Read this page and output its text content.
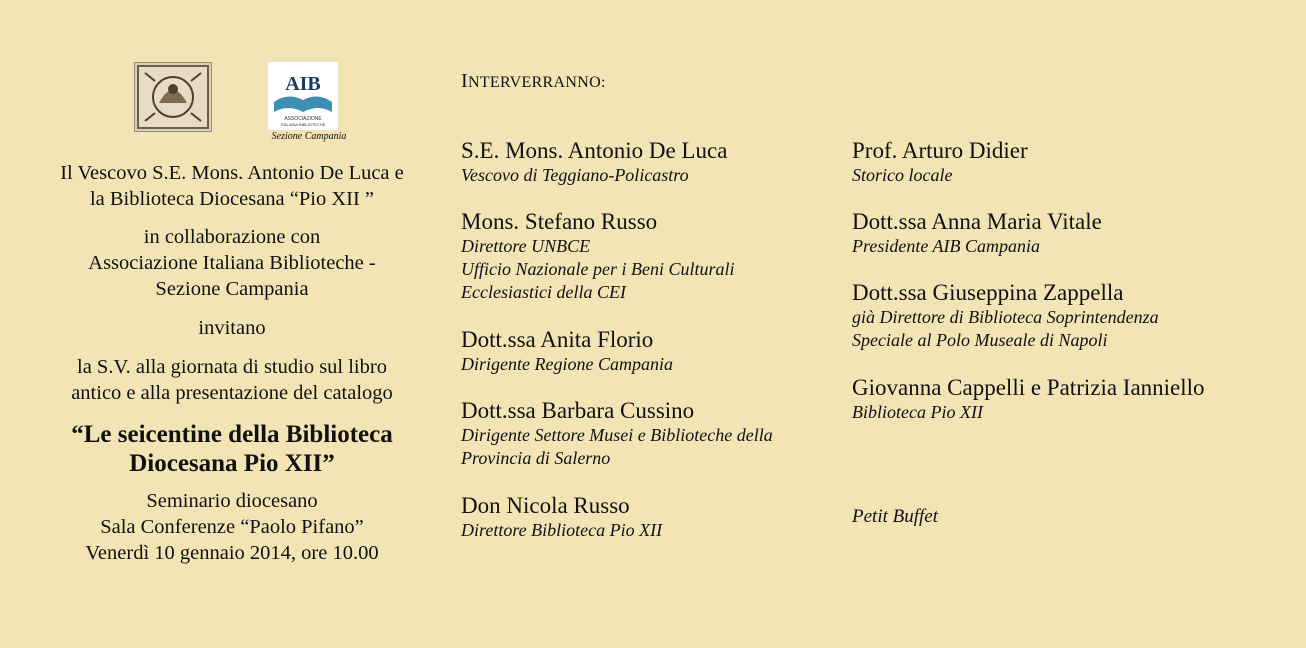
AIB
ASSOCIAZIONE
ITALIANA BIBLIOTECHE
Sezione Campania

Il Vescovo S.E. Mons. Antonio De Luca e

la Biblioteca Diocesana “Pio XII ”

in collaborazione con

Associazione Italiana Biblioteche -

Sezione Campania

invitano

la S.V. alla giornata di studio sul libro

antico e alla presentazione del catalogo

“Le seicentine della Biblioteca

Diocesana Pio XII”

Seminario diocesano

Sala Conferenze “Paolo Pifano”

Venerdì 10 gennaio 2014, ore 10.00

INTERVERRANNO:
S.E. Mons. Antonio De Luca
Vescovo di Teggiano-Policastro
Mons. Stefano Russo
Direttore UNBCE
Ufficio Nazionale per i Beni Culturali
Ecclesiastici della CEI
Dott.ssa Anita Florio
Dirigente Regione Campania
Dott.ssa Barbara Cussino
Dirigente Settore Musei e Biblioteche della
Provincia di Salerno
Don Nicola Russo
Direttore Biblioteca Pio XII
Prof. Arturo Didier
Storico locale
Dott.ssa Anna Maria Vitale
Presidente AIB Campania
Dott.ssa Giuseppina Zappella
già Direttore di Biblioteca Soprintendenza
Speciale al Polo Museale di Napoli
Giovanna Cappelli e Patrizia Ianniello
Biblioteca Pio XII
Petit Buffet
